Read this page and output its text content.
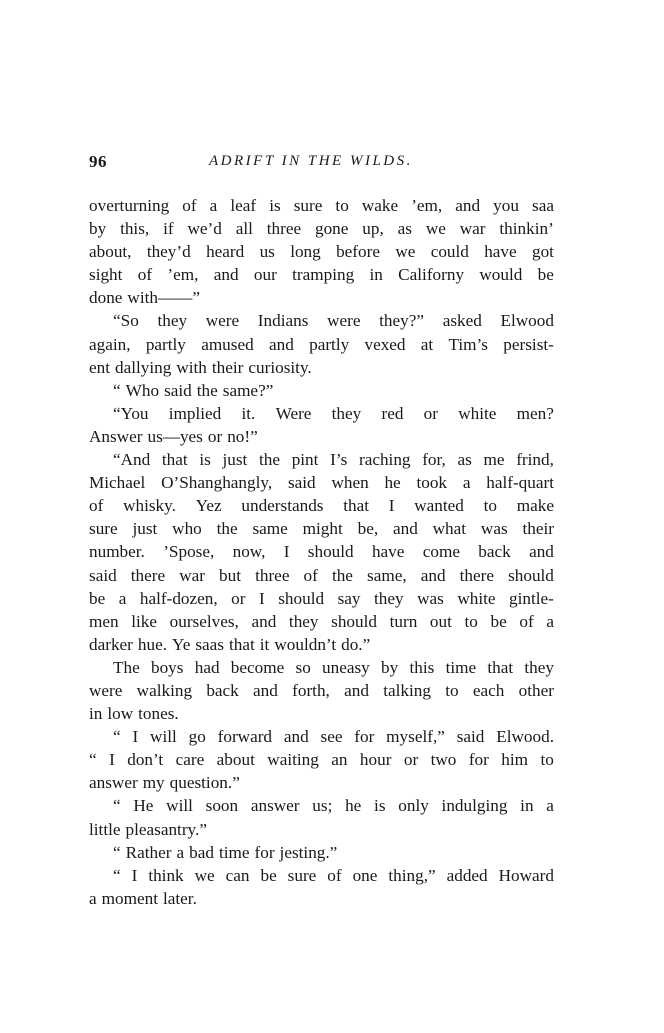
96	ADRIFT IN THE WILDS.
overturning of a leaf is sure to wake ’em, and you saa
by this, if we’d all three gone up, as we war thinkin’
about, they’d heard us long before we could have got
sight of ’em, and our tramping in Californy would be
done with——”
“So they were Indians were they?” asked Elwood
again, partly amused and partly vexed at Tim’s persist-
ent dallying with their curiosity.
“ Who said the same?”
“You implied it. Were they red or white men?
Answer us—yes or no!”
“And that is just the pint I’s raching for, as me frind,
Michael O’Shanghangly, said when he took a half-quart
of whisky. Yez understands that I wanted to make
sure just who the same might be, and what was their
number. ’Spose, now, I should have come back and
said there war but three of the same, and there should
be a half-dozen, or I should say they was white gintle-
men like ourselves, and they should turn out to be of a
darker hue. Ye saas that it wouldn’t do.”
The boys had become so uneasy by this time that they
were walking back and forth, and talking to each other
in low tones.
“ I will go forward and see for myself,” said Elwood.
“ I don’t care about waiting an hour or two for him to
answer my question.”
“ He will soon answer us; he is only indulging in a
little pleasantry.”
“ Rather a bad time for jesting.”
“ I think we can be sure of one thing,” added Howard
a moment later.
